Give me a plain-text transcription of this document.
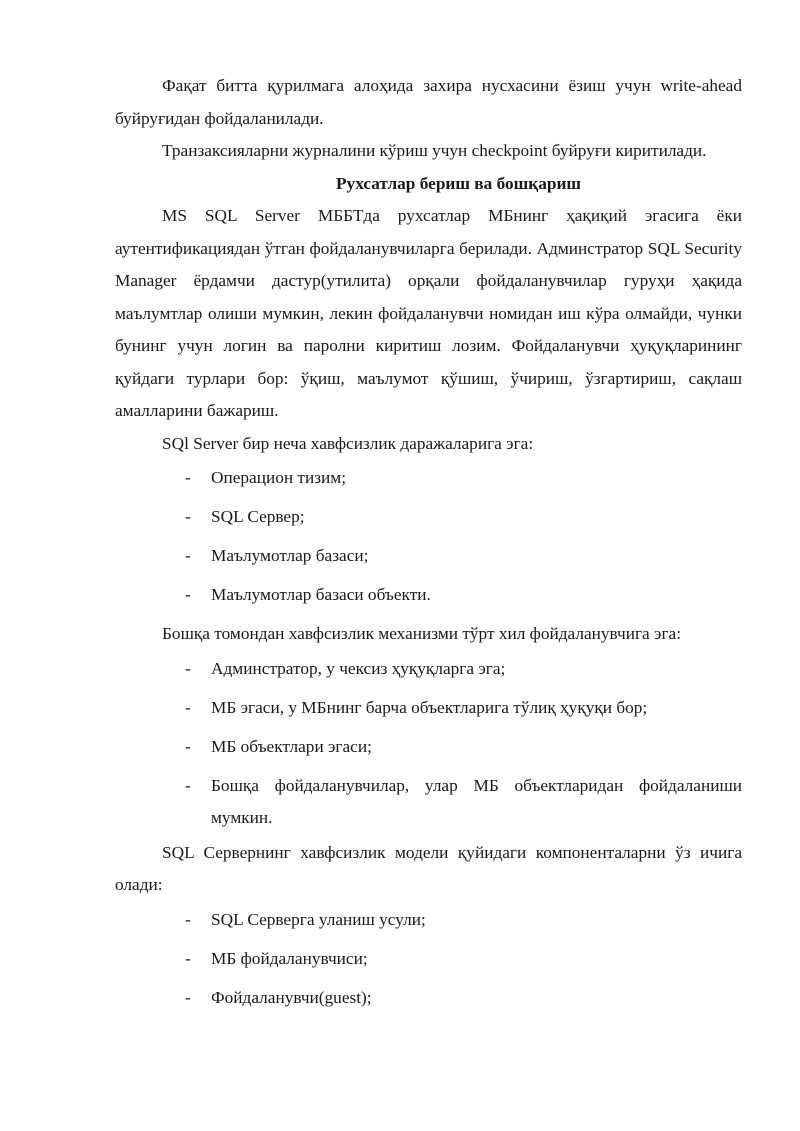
Фақат битта қурилмага алоҳида захира нусхасини ёзиш учун write-ahead буйруғидан фойдаланилади.

Транзаксияларни журналини кўриш учун checkpoint буйруғи киритилади.

Рухсатлар бериш ва бошқариш

MS SQL Server МББТда рухсатлар МБнинг ҳақиқий эгасига ёки аутентификациядан ўтган фойдаланувчиларга берилади. Админстратор SQL Security Manager ёрдамчи дастур(утилита) орқали фойдаланувчилар гуруҳи ҳақида маълумтлар олиши мумкин, лекин фойдаланувчи номидан иш кўра олмайди, чунки бунинг учун логин ва паролни киритиш лозим. Фойдаланувчи ҳуқуқларининг қуйдаги турлари бор: ўқиш, маълумот қўшиш, ўчириш, ўзгартириш, сақлаш амалларини бажариш.

SQl Server бир неча хавфсизлик даражаларига эга:

- Операцион тизим;
- SQL Сервер;
- Маълумотлар базаси;
- Маълумотлар базаси объекти.

Бошқа томондан хавфсизлик механизми тўрт хил фойдаланувчига эга:

- Админстратор, у чексиз ҳуқуқларга эга;
- МБ эгаси, у МБнинг барча объектларига тўлиқ ҳуқуқи бор;
- МБ объектлари эгаси;
- Бошқа фойдаланувчилар, улар МБ объектларидан фойдаланиши мумкин.

SQL Сервернинг хавфсизлик модели қуйидаги компоненталарни ўз ичига олади:

- SQL Серверга уланиш усули;
- МБ фойдаланувчиси;
- Фойдаланувчи(guest);
